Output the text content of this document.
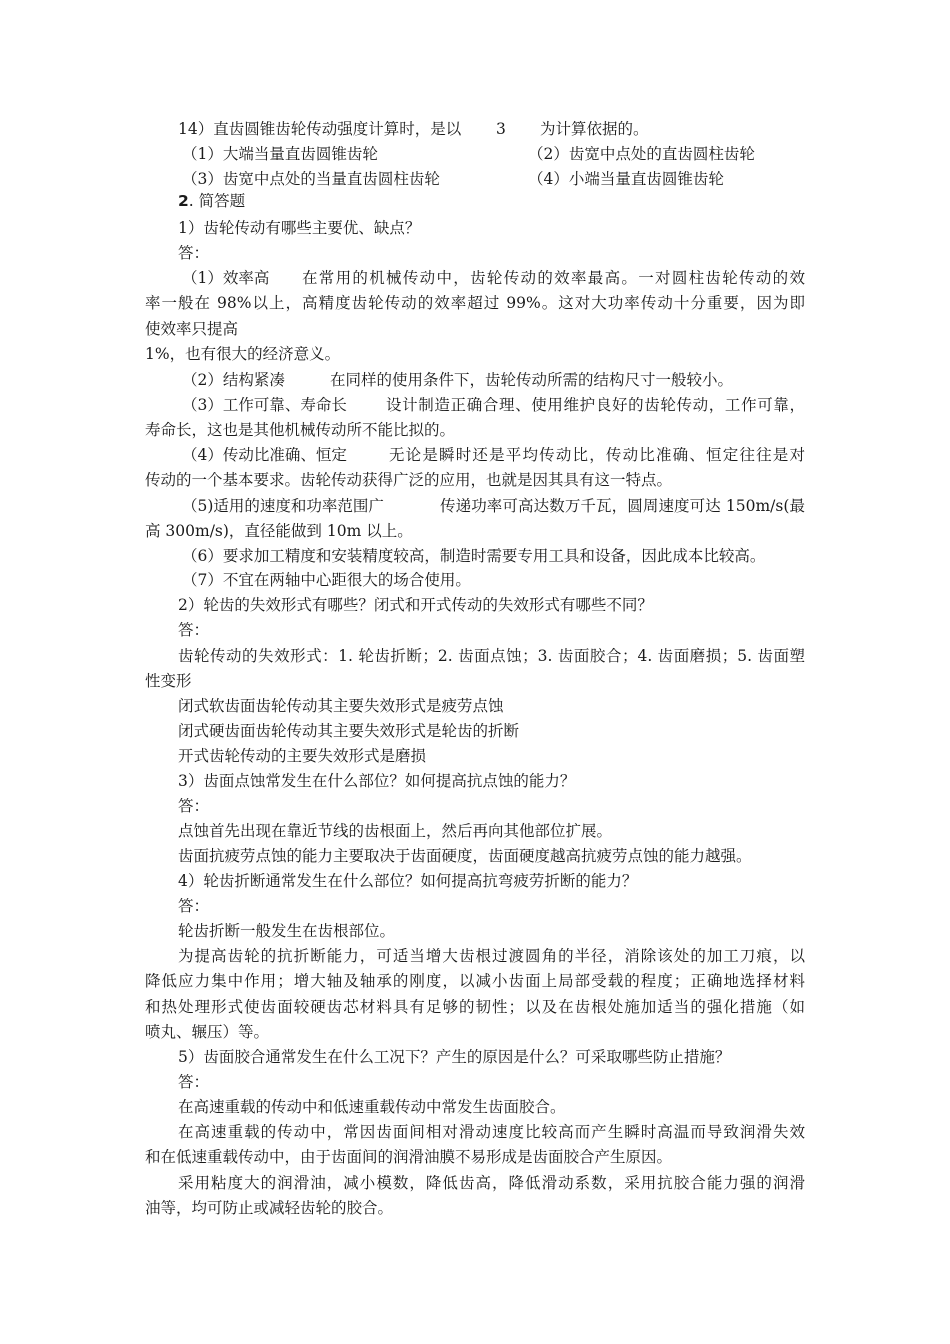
14）直齿圆锥齿轮传动强度计算时，是以 3 为计算依据的。
（1）大端当量直齿圆锥齿轮	（2）齿宽中点处的直齿圆柱齿轮
（3）齿宽中点处的当量直齿圆柱齿轮	（4）小端当量直齿圆锥齿轮
2. 简答题
1）齿轮传动有哪些主要优、缺点？
答：
（1）效率高 在常用的机械传动中，齿轮传动的效率最高。一对圆柱齿轮传动的效
率一般在 98%以上，高精度齿轮传动的效率超过 99%。这对大功率传动十分重要，因为即
使效率只提高
1%，也有很大的经济意义。
（2）结构紧凑	在同样的使用条件下，齿轮传动所需的结构尺寸一般较小。
（3）工作可靠、寿命长	设计制造正确合理、使用维护良好的齿轮传动，工作可靠，
寿命长，这也是其他机械传动所不能比拟的。
（4）传动比准确、恒定	无论是瞬时还是平均传动比，传动比准确、恒定往往是对
传动的一个基本要求。齿轮传动获得广泛的应用，也就是因其具有这一特点。
（5)适用的速度和功率范围广	传递功率可高达数万千瓦，圆周速度可达 150m/s(最
高 300m/s)，直径能做到 10m 以上。
（6）要求加工精度和安装精度较高，制造时需要专用工具和设备，因此成本比较高。
（7）不宜在两轴中心距很大的场合使用。
2）轮齿的失效形式有哪些？闭式和开式传动的失效形式有哪些不同？
答：
齿轮传动的失效形式：1. 轮齿折断；2. 齿面点蚀；3. 齿面胶合；4. 齿面磨损；5. 齿面塑
性变形
闭式软齿面齿轮传动其主要失效形式是疲劳点蚀
闭式硬齿面齿轮传动其主要失效形式是轮齿的折断
开式齿轮传动的主要失效形式是磨损
3）齿面点蚀常发生在什么部位？如何提高抗点蚀的能力？
答：
点蚀首先出现在靠近节线的齿根面上，然后再向其他部位扩展。
齿面抗疲劳点蚀的能力主要取决于齿面硬度，齿面硬度越高抗疲劳点蚀的能力越强。
4）轮齿折断通常发生在什么部位？如何提高抗弯疲劳折断的能力？
答：
轮齿折断一般发生在齿根部位。
为提高齿轮的抗折断能力，可适当增大齿根过渡圆角的半径，消除该处的加工刀痕，以
降低应力集中作用；增大轴及轴承的刚度，以减小齿面上局部受载的程度；正确地选择材料
和热处理形式使齿面较硬齿芯材料具有足够的韧性；以及在齿根处施加适当的强化措施（如
喷丸、辗压）等。
5）齿面胶合通常发生在什么工况下？产生的原因是什么？可采取哪些防止措施？
答：
在高速重载的传动中和低速重载传动中常发生齿面胶合。
在高速重载的传动中，常因齿面间相对滑动速度比较高而产生瞬时高温而导致润滑失效
和在低速重载传动中，由于齿面间的润滑油膜不易形成是齿面胶合产生原因。
采用粘度大的润滑油，减小模数，降低齿高，降低滑动系数，采用抗胶合能力强的润滑
油等，均可防止或减轻齿轮的胶合。
